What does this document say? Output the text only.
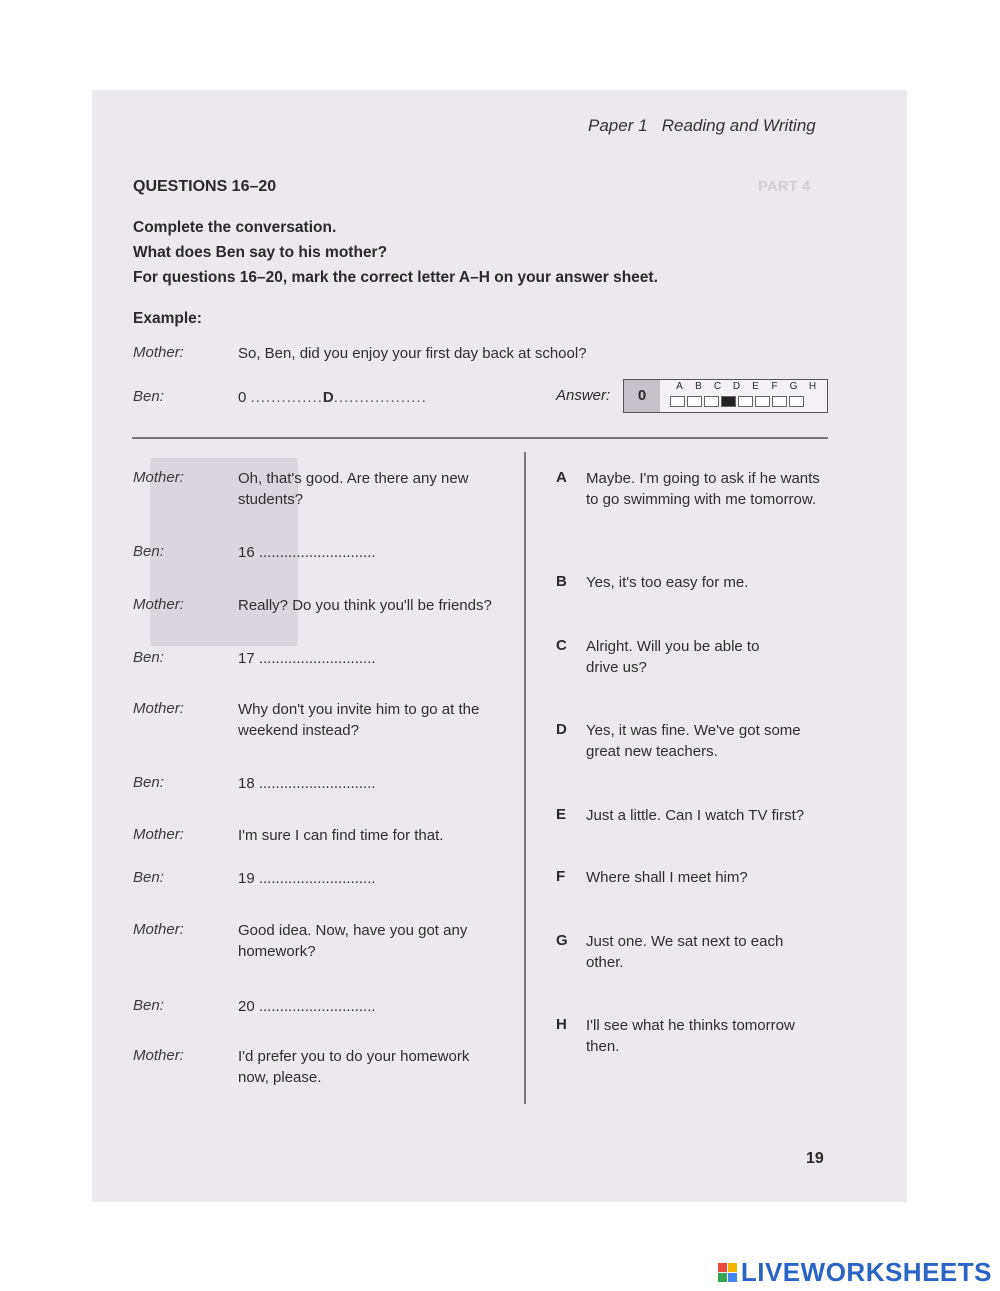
PART 4
Paper 1   Reading and Writing
QUESTIONS 16–20
Complete the conversation.
What does Ben say to his mother?
For questions 16–20, mark the correct letter A–H on your answer sheet.
Example:
Mother:	So, Ben, did you enjoy your first day back at school?
Ben:	0 ..............D..................	Answer:	0
A	B	C	D	E	F	G	H
Mother:	Oh, that's good. Are there any new students?
Ben:	16 ............................
Mother:	Really? Do you think you'll be friends?
Ben:	17 ............................
Mother:	Why don't you invite him to go at the weekend instead?
Ben:	18 ............................
Mother:	I'm sure I can find time for that.
Ben:	19 ............................
Mother:	Good idea. Now, have you got any homework?
Ben:	20 ............................
Mother:	I'd prefer you to do your homework now, please.
A Maybe. I'm going to ask if he wants to go swimming with me tomorrow.
B Yes, it's too easy for me.
C Alright. Will you be able to drive us?
D Yes, it was fine. We've got some great new teachers.
E Just a little. Can I watch TV first?
F Where shall I meet him?
G Just one. We sat next to each other.
H I'll see what he thinks tomorrow then.
19
LIVEWORKSHEETS
